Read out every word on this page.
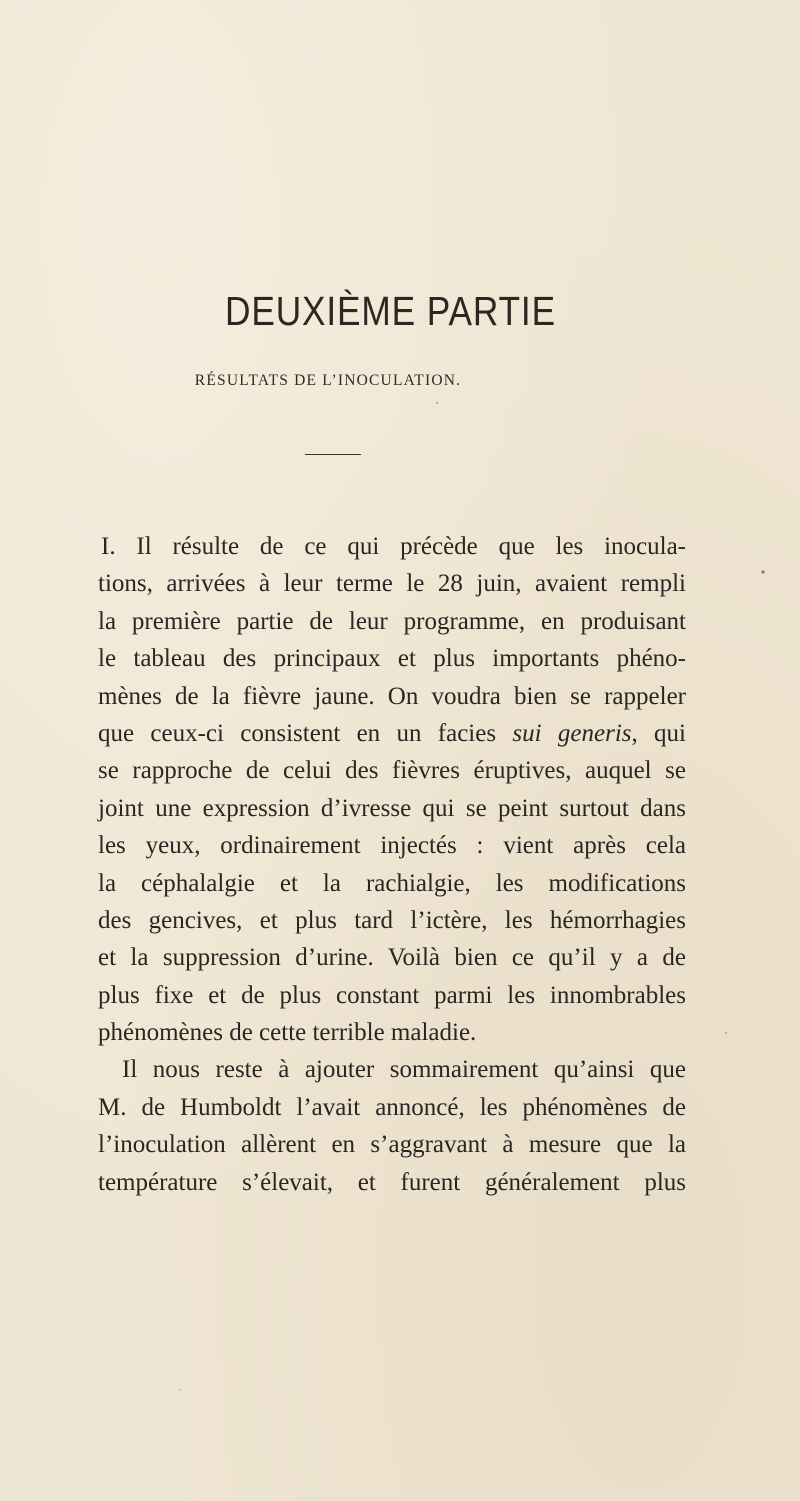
DEUXIÈME PARTIE
RÉSULTATS DE L’INOCULATION.
I. Il résulte de ce qui précède que les inocula-
tions, arrivées à leur terme le 28 juin, avaient rempli
la première partie de leur programme, en produisant
le tableau des principaux et plus importants phéno-
mènes de la fièvre jaune. On voudra bien se rappeler
que ceux-ci consistent en un facies sui generis, qui
se rapproche de celui des fièvres éruptives, auquel se
joint une expression d’ivresse qui se peint surtout dans
les yeux, ordinairement injectés : vient après cela
la céphalalgie et la rachialgie, les modifications
des gencives, et plus tard l’ictère, les hémorrhagies
et la suppression d’urine. Voilà bien ce qu’il y a de
plus fixe et de plus constant parmi les innombrables
phénomènes de cette terrible maladie.
Il nous reste à ajouter sommairement qu’ainsi que
M. de Humboldt l’avait annoncé, les phénomènes de
l’inoculation allèrent en s’aggravant à mesure que la
température s’élevait, et furent généralement plus
